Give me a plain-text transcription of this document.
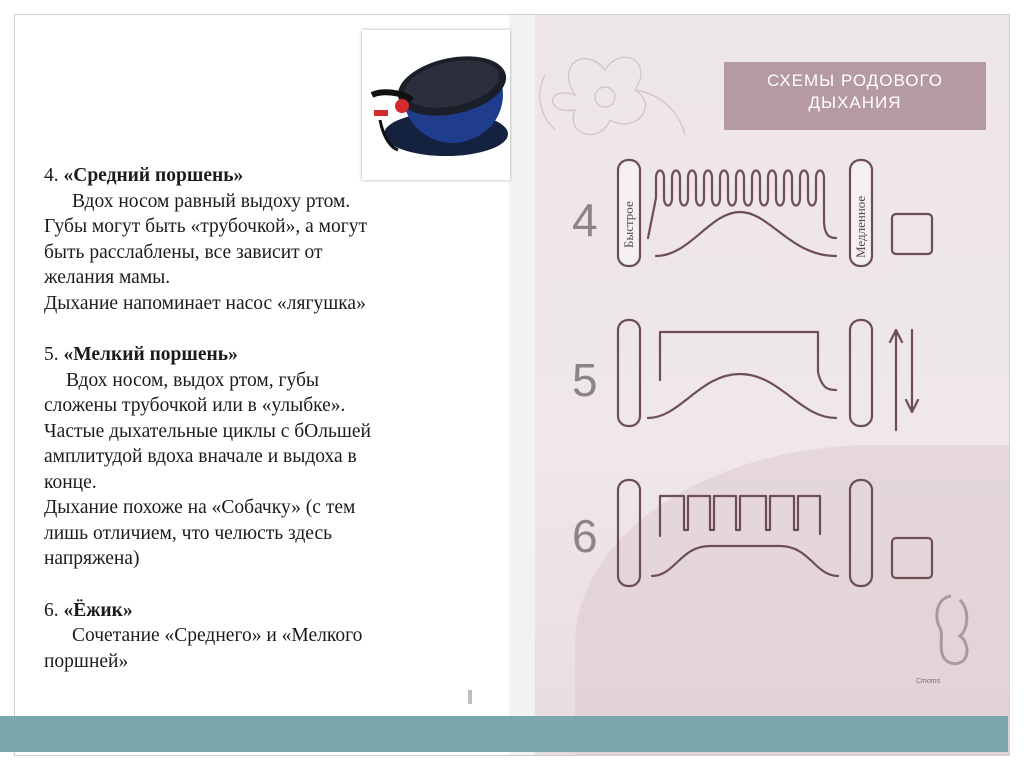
СХЕМЫ РОДОВОГО
ДЫХАНИЯ

4. «Средний поршень»

Вдох носом равный выдоху ртом.

Губы могут быть «трубочкой», а могут

быть расслаблены, все зависит от

желания мамы.

Дыхание напоминает насос «лягушка»

5. «Мелкий поршень»

Вдох носом, выдох ртом, губы

сложены трубочкой или в «улыбке».

Частые дыхательные циклы с бОльшей

амплитудой вдоха вначале и выдоха в

конце.

Дыхание похоже на «Собачку» (с тем

лишь отличием, что челюсть здесь

напряжена)

6. «Ёжик»

Сочетание «Среднего» и «Мелкого

поршней»

4
5
6
Быстрое	Медленное
Cmoms
